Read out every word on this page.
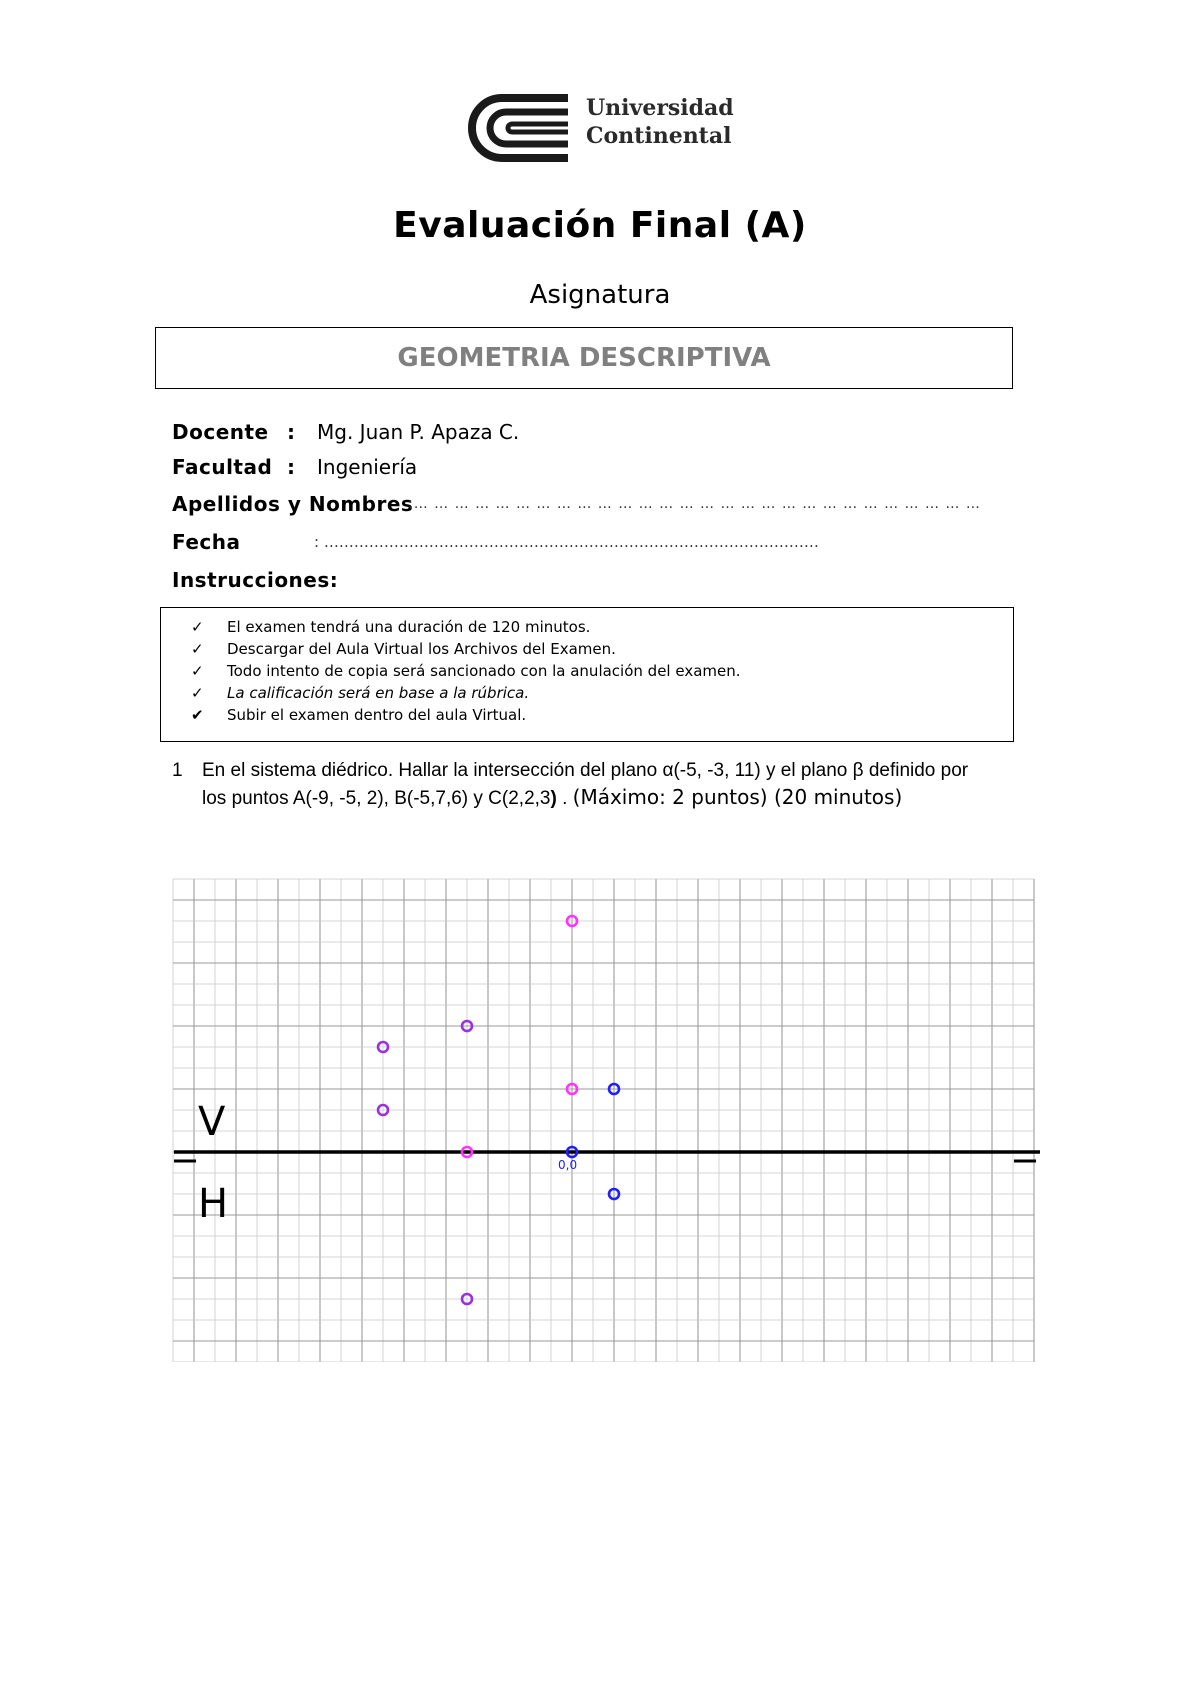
Universidad
Continental
Evaluación Final (A)
Asignatura
GEOMETRIA DESCRIPTIVA
Docente : Mg. Juan P. Apaza C.
Facultad : Ingeniería
Apellidos y Nombres
:… … … … … … … … … … … … … … … … … … … … … … … … … … … …
Fecha	: ………………………………………………………………………………………
Instrucciones:
✓ El examen tendrá una duración de 120 minutos.
✓ Descargar del Aula Virtual los Archivos del Examen.
✓ Todo intento de copia será sancionado con la anulación del examen.
✓ La calificación será en base a la rúbrica.
✔ Subir el examen dentro del aula Virtual.
1 En el sistema diédrico. Hallar la intersección del plano α(-5, -3, 11) y el plano β definido por
los puntos A(-9, -5, 2), B(-5,7,6) y C(2,2,3) . (Máximo: 2 puntos) (20 minutos)
V
H
0,0
